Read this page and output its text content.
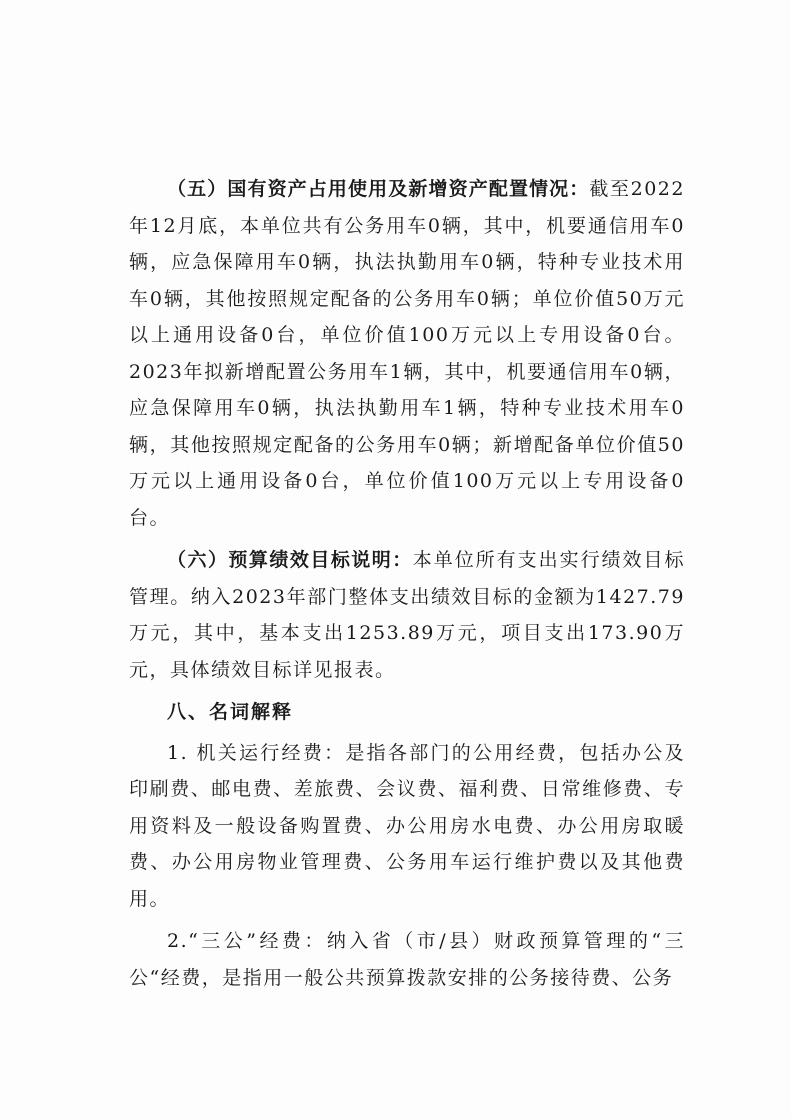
（五）国有资产占用使用及新增资产配置情况：截至2022年12月底，本单位共有公务用车0辆，其中，机要通信用车0辆，应急保障用车0辆，执法执勤用车0辆，特种专业技术用车0辆，其他按照规定配备的公务用车0辆；单位价值50万元以上通用设备0台，单位价值100万元以上专用设备0台。2023年拟新增配置公务用车1辆，其中，机要通信用车0辆，应急保障用车0辆，执法执勤用车1辆，特种专业技术用车0辆，其他按照规定配备的公务用车0辆；新增配备单位价值50万元以上通用设备0台，单位价值100万元以上专用设备0台。

（六）预算绩效目标说明：本单位所有支出实行绩效目标管理。纳入2023年部门整体支出绩效目标的金额为1427.79万元，其中，基本支出1253.89万元，项目支出173.90万元，具体绩效目标详见报表。

八、名词解释

1. 机关运行经费：是指各部门的公用经费，包括办公及印刷费、邮电费、差旅费、会议费、福利费、日常维修费、专用资料及一般设备购置费、办公用房水电费、办公用房取暖费、办公用房物业管理费、公务用车运行维护费以及其他费用。

2.“三公”经费：纳入省（市/县）财政预算管理的“三公“经费，是指用一般公共预算拨款安排的公务接待费、公务
